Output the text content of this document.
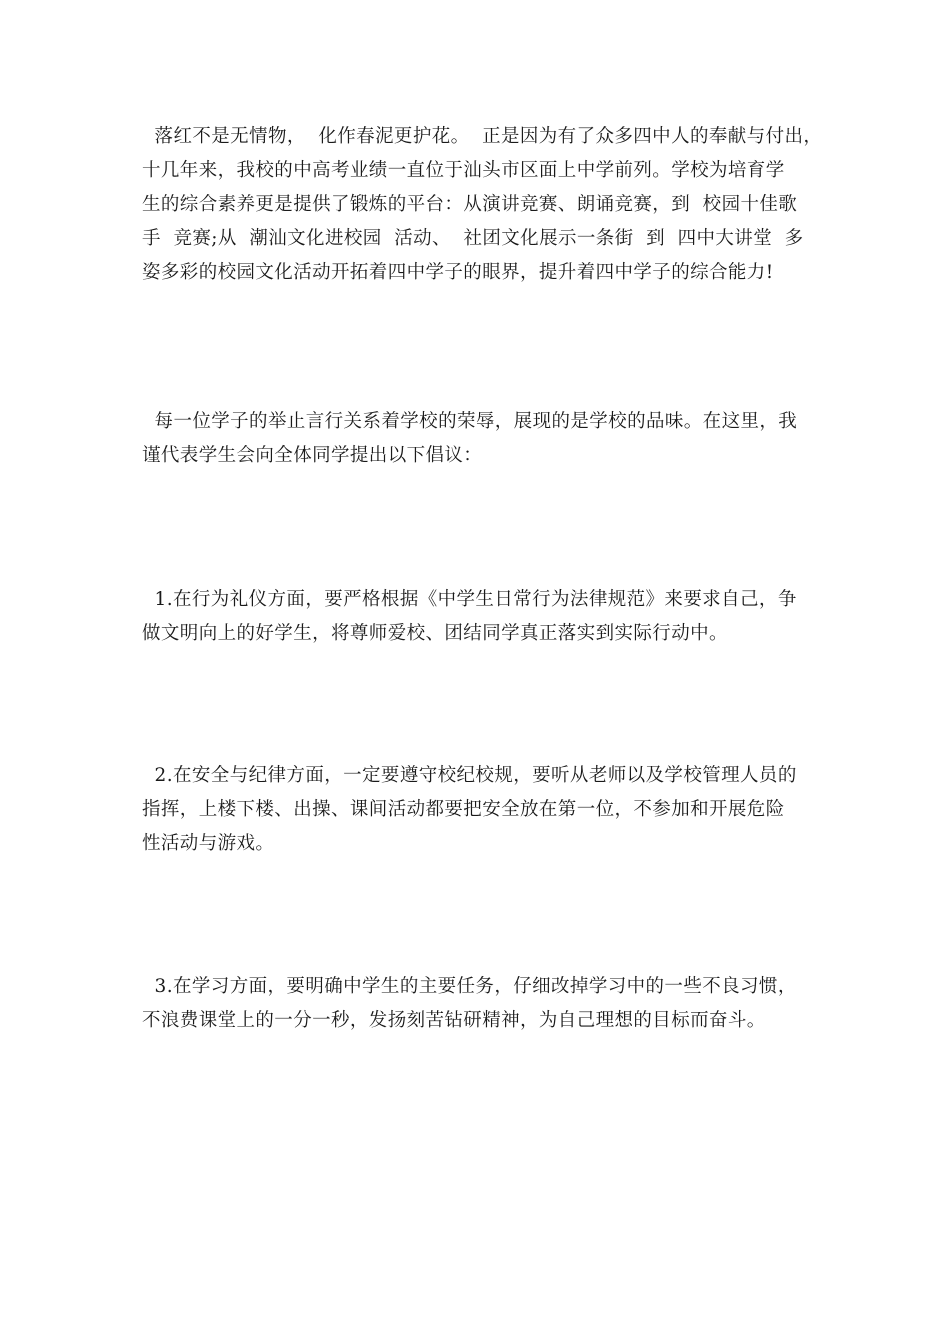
落红不是无情物，  化作春泥更护花。  正是因为有了众多四中人的奉献与付出，
十几年来，我校的中高考业绩一直位于汕头市区面上中学前列。学校为培育学
生的综合素养更是提供了锻炼的平台：从演讲竞赛、朗诵竞赛，到  校园十佳歌
手  竞赛;从  潮汕文化进校园  活动、  社团文化展示一条街  到  四中大讲堂  多
姿多彩的校园文化活动开拓着四中学子的眼界，提升着四中学子的综合能力!
每一位学子的举止言行关系着学校的荣辱，展现的是学校的品味。在这里，我
谨代表学生会向全体同学提出以下倡议：
1.在行为礼仪方面，要严格根据《中学生日常行为法律规范》来要求自己，争
做文明向上的好学生，将尊师爱校、团结同学真正落实到实际行动中。
2.在安全与纪律方面，一定要遵守校纪校规，要听从老师以及学校管理人员的
指挥，上楼下楼、出操、课间活动都要把安全放在第一位，不参加和开展危险
性活动与游戏。
3.在学习方面，要明确中学生的主要任务，仔细改掉学习中的一些不良习惯，
不浪费课堂上的一分一秒，发扬刻苦钻研精神，为自己理想的目标而奋斗。
